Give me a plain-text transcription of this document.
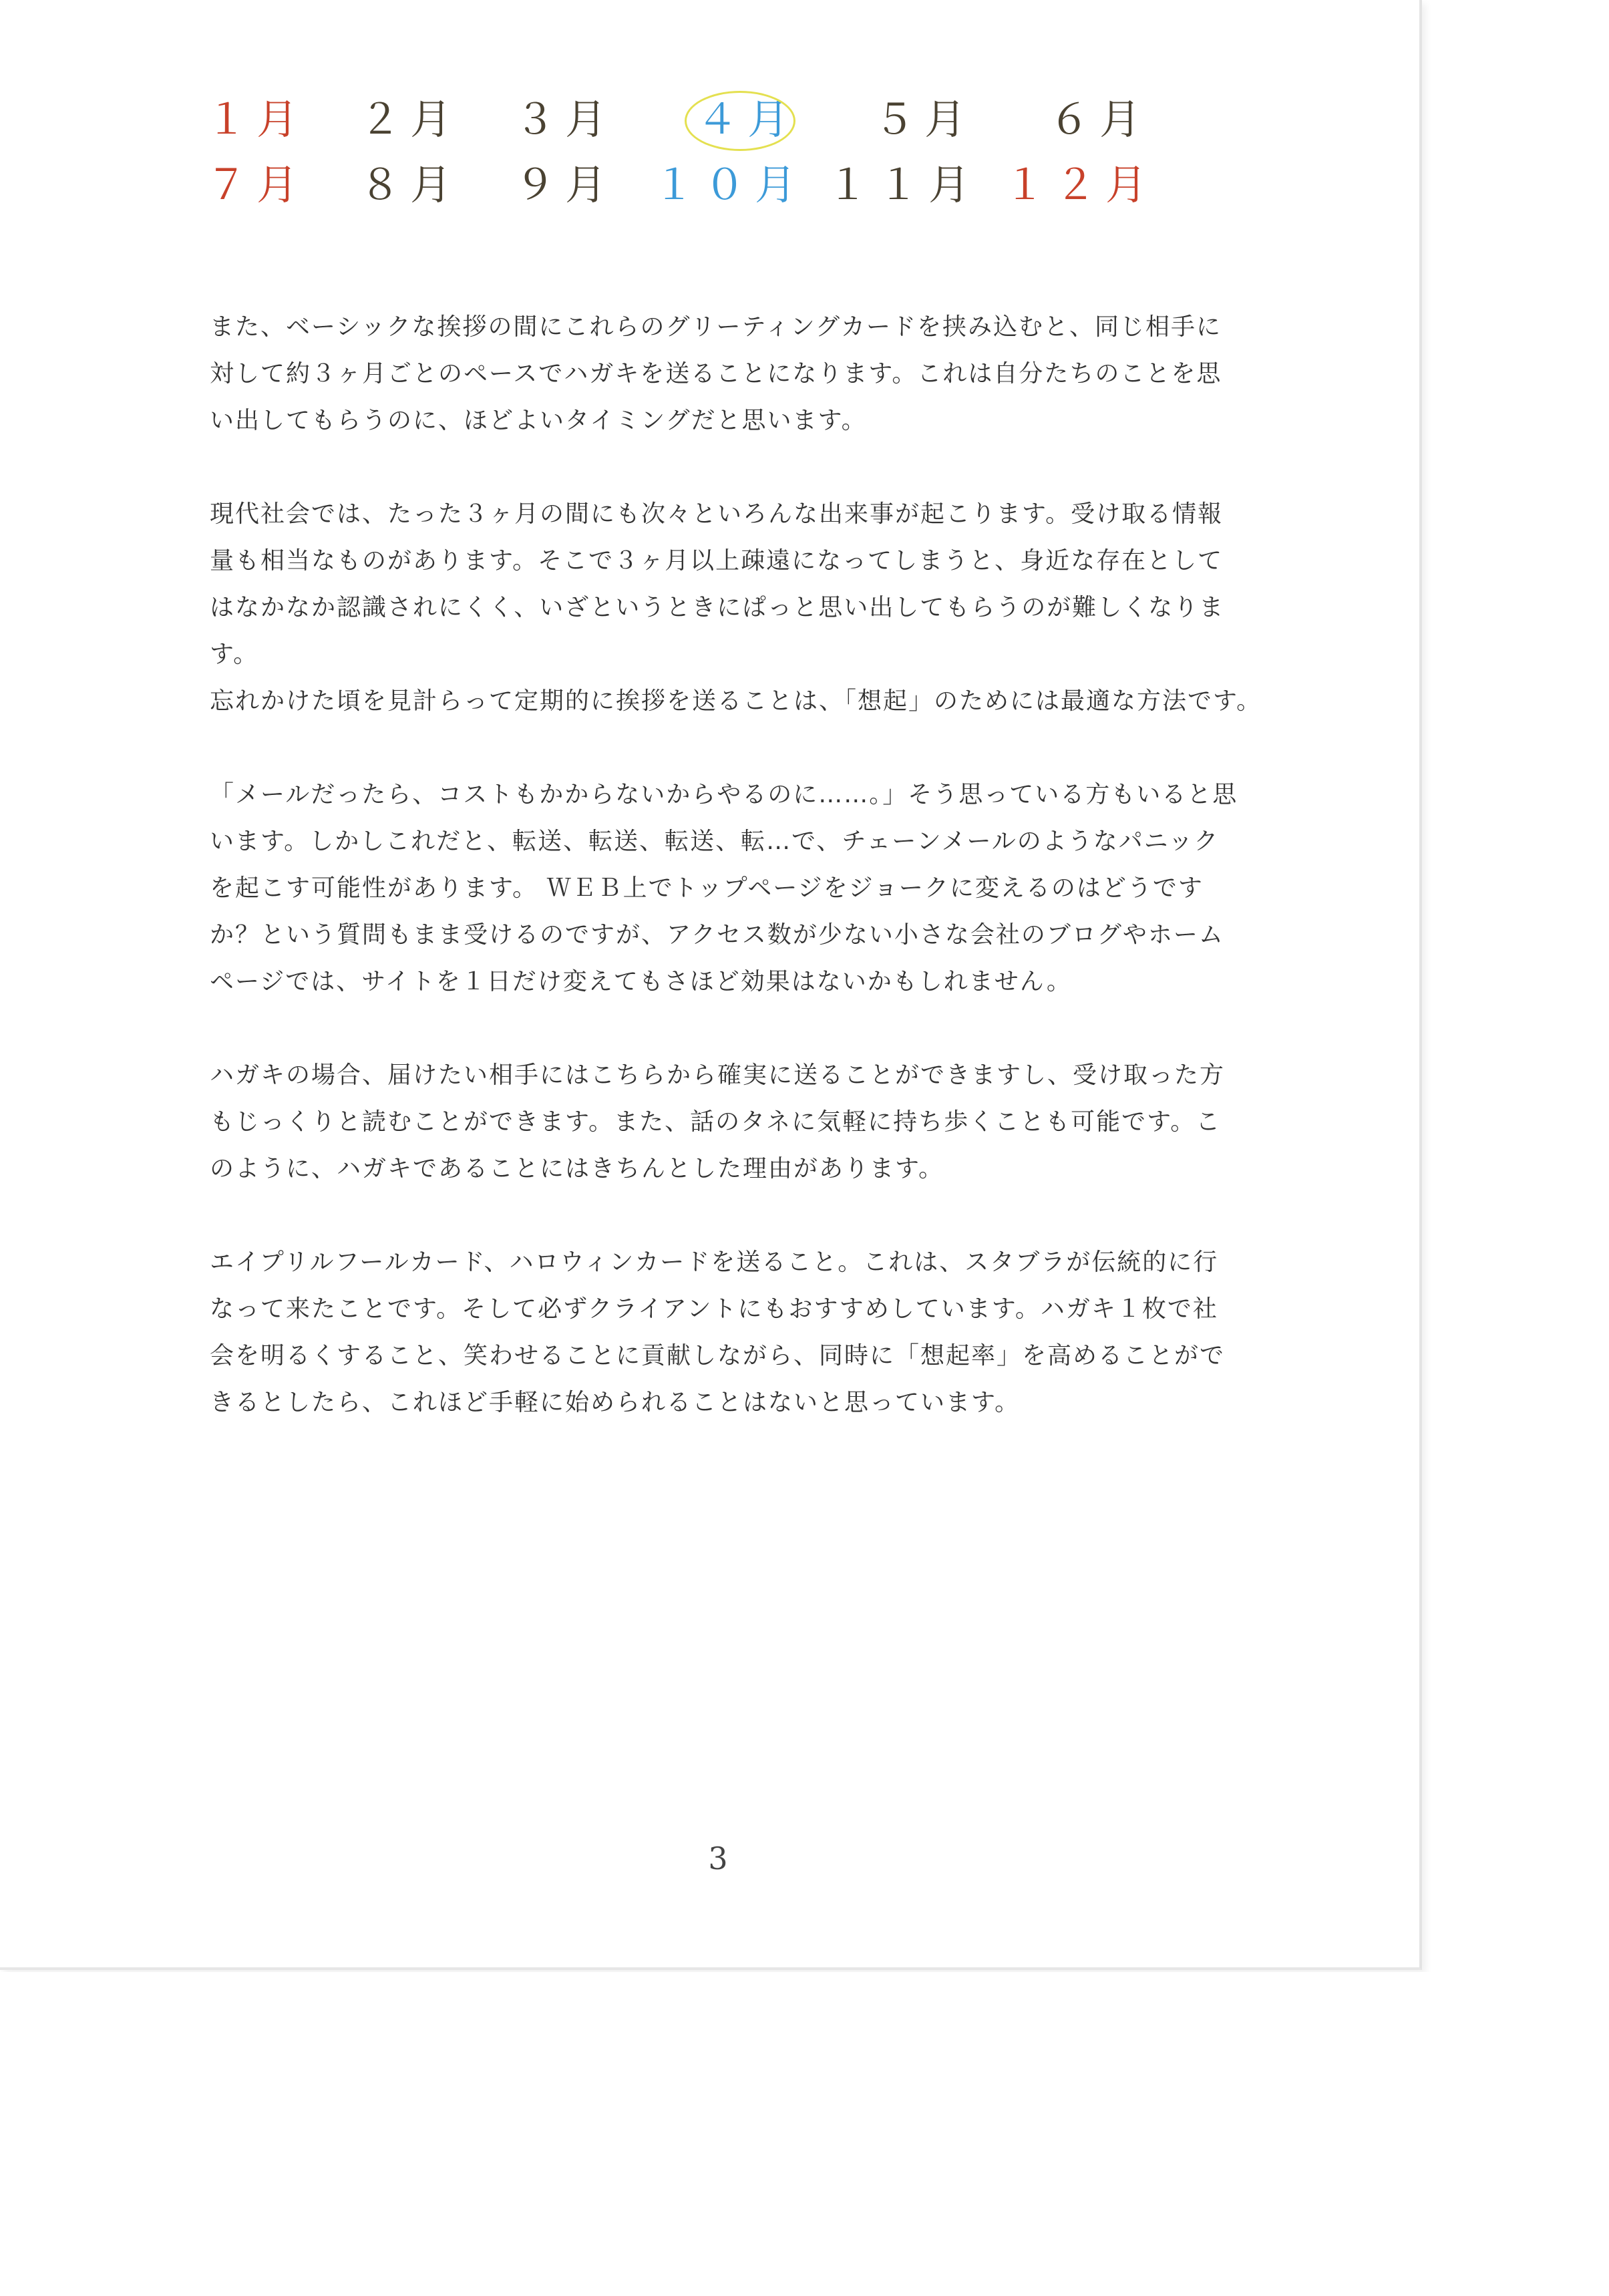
１月 ２月 ３月 ４月 ５月 ６月
７月 ８月 ９月 １０月 １１月 １２月

また、ベーシックな挨拶の間にこれらのグリーティングカードを挟み込むと、同じ相手に
対して約３ヶ月ごとのペースでハガキを送ることになります。これは自分たちのことを思
い出してもらうのに、ほどよいタイミングだと思います。

現代社会では、たった３ヶ月の間にも次々といろんな出来事が起こります。受け取る情報
量も相当なものがあります。そこで３ヶ月以上疎遠になってしまうと、身近な存在として
はなかなか認識されにくく、いざというときにぱっと思い出してもらうのが難しくなりま
す。

忘れかけた頃を見計らって定期的に挨拶を送ることは、「想起」のためには最適な方法です。

「メールだったら、コストもかからないからやるのに……。」そう思っている方もいると思
います。しかしこれだと、転送、転送、転送、転…で、チェーンメールのようなパニック
を起こす可能性があります。 ＷＥＢ上でトップページをジョークに変えるのはどうです
か？という質問もまま受けるのですが、アクセス数が少ない小さな会社のブログやホーム
ページでは、サイトを１日だけ変えてもさほど効果はないかもしれません。

ハガキの場合、届けたい相手にはこちらから確実に送ることができますし、受け取った方
もじっくりと読むことができます。また、話のタネに気軽に持ち歩くことも可能です。こ
のように、ハガキであることにはきちんとした理由があります。

エイプリルフールカード、ハロウィンカードを送ること。これは、スタブラが伝統的に行
なって来たことです。そして必ずクライアントにもおすすめしています。ハガキ１枚で社
会を明るくすること、笑わせることに貢献しながら、同時に「想起率」を高めることがで
きるとしたら、これほど手軽に始められることはないと思っています。

3
